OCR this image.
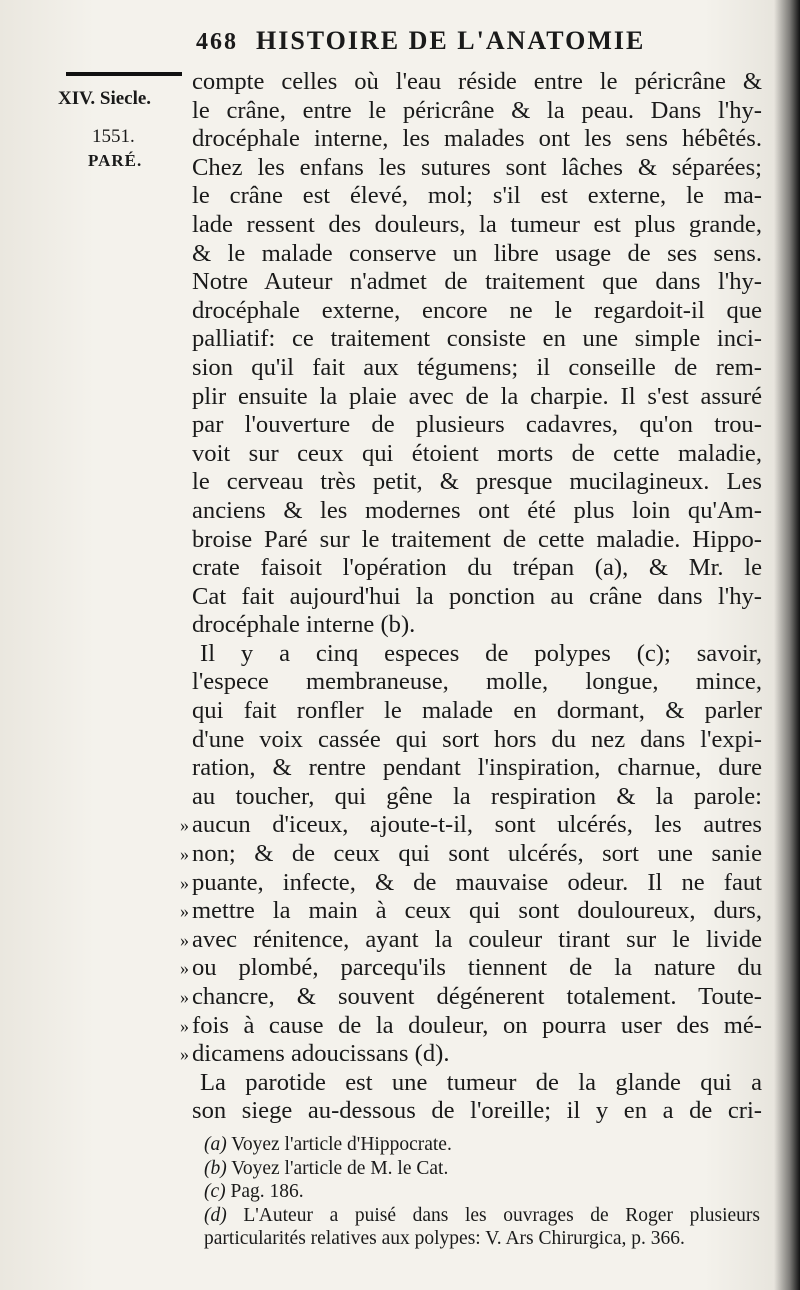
468 HISTOIRE DE L'ANATOMIE
XIV. Siecle.
1551.
PARÉ.
compte celles où l'eau réside entre le péricrâne &
le crâne, entre le péricrâne & la peau. Dans l'hy-
drocéphale interne, les malades ont les sens hébêtés.
Chez les enfans les sutures sont lâches & séparées;
le crâne est élevé, mol; s'il est externe, le ma-
lade ressent des douleurs, la tumeur est plus grande,
& le malade conserve un libre usage de ses sens.
Notre Auteur n'admet de traitement que dans l'hy-
drocéphale externe, encore ne le regardoit-il que
palliatif: ce traitement consiste en une simple inci-
sion qu'il fait aux tégumens; il conseille de rem-
plir ensuite la plaie avec de la charpie. Il s'est assuré
par l'ouverture de plusieurs cadavres, qu'on trou-
voit sur ceux qui étoient morts de cette maladie,
le cerveau très petit, & presque mucilagineux. Les
anciens & les modernes ont été plus loin qu'Am-
broise Paré sur le traitement de cette maladie. Hippo-
crate faisoit l'opération du trépan (a), & Mr. le
Cat fait aujourd'hui la ponction au crâne dans l'hy-
drocéphale interne (b).
Il y a cinq especes de polypes (c); savoir,
l'espece membraneuse, molle, longue, mince,
qui fait ronfler le malade en dormant, & parler
d'une voix cassée qui sort hors du nez dans l'expi-
ration, & rentre pendant l'inspiration, charnue, dure
au toucher, qui gêne la respiration & la parole:
» aucun d'iceux, ajoute-t-il, sont ulcérés, les autres
» non; & de ceux qui sont ulcérés, sort une sanie
» puante, infecte, & de mauvaise odeur. Il ne faut
» mettre la main à ceux qui sont douloureux, durs,
» avec rénitence, ayant la couleur tirant sur le livide
» ou plombé, parcequ'ils tiennent de la nature du
» chancre, & souvent dégénerent totalement. Toute-
» fois à cause de la douleur, on pourra user des mé-
» dicamens adoucissans (d).
La parotide est une tumeur de la glande qui a
son siege au-dessous de l'oreille; il y en a de cri-
(a) Voyez l'article d'Hippocrate.
(b) Voyez l'article de M. le Cat.
(c) Pag. 186.
(d) L'Auteur a puisé dans les ouvrages de Roger plusieurs particularités relatives aux polypes: V. Ars Chirurgica, p. 366.
